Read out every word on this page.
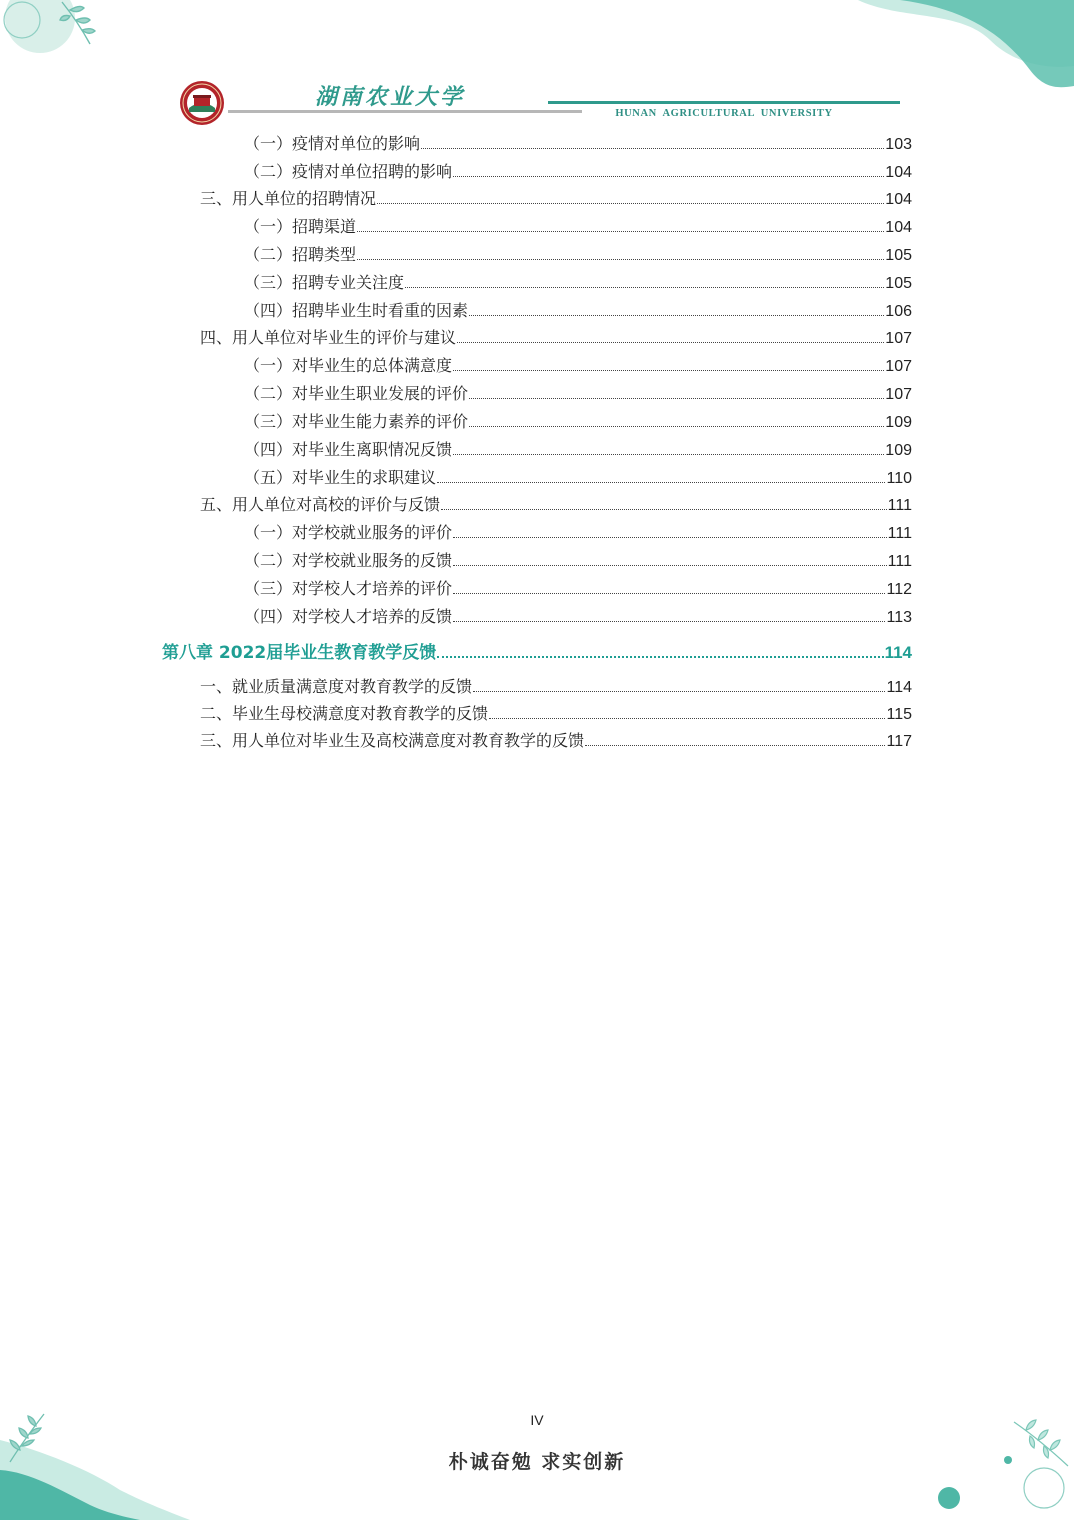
湖南农业大学
HUNAN AGRICULTURAL UNIVERSITY
（一）疫情对单位的影响	103
（二）疫情对单位招聘的影响	104
三、用人单位的招聘情况	104
（一）招聘渠道	104
（二）招聘类型	105
（三）招聘专业关注度	105
（四）招聘毕业生时看重的因素	106
四、用人单位对毕业生的评价与建议	107
（一）对毕业生的总体满意度	107
（二）对毕业生职业发展的评价	107
（三）对毕业生能力素养的评价	109
（四）对毕业生离职情况反馈	109
（五）对毕业生的求职建议	110
五、用人单位对高校的评价与反馈	111
（一）对学校就业服务的评价	111
（二）对学校就业服务的反馈	111
（三）对学校人才培养的评价	112
（四）对学校人才培养的反馈	113
第八章 2022届毕业生教育教学反馈	114
一、就业质量满意度对教育教学的反馈	114
二、毕业生母校满意度对教育教学的反馈	115
三、用人单位对毕业生及高校满意度对教育教学的反馈	117
IV
朴诚奋勉 求实创新
